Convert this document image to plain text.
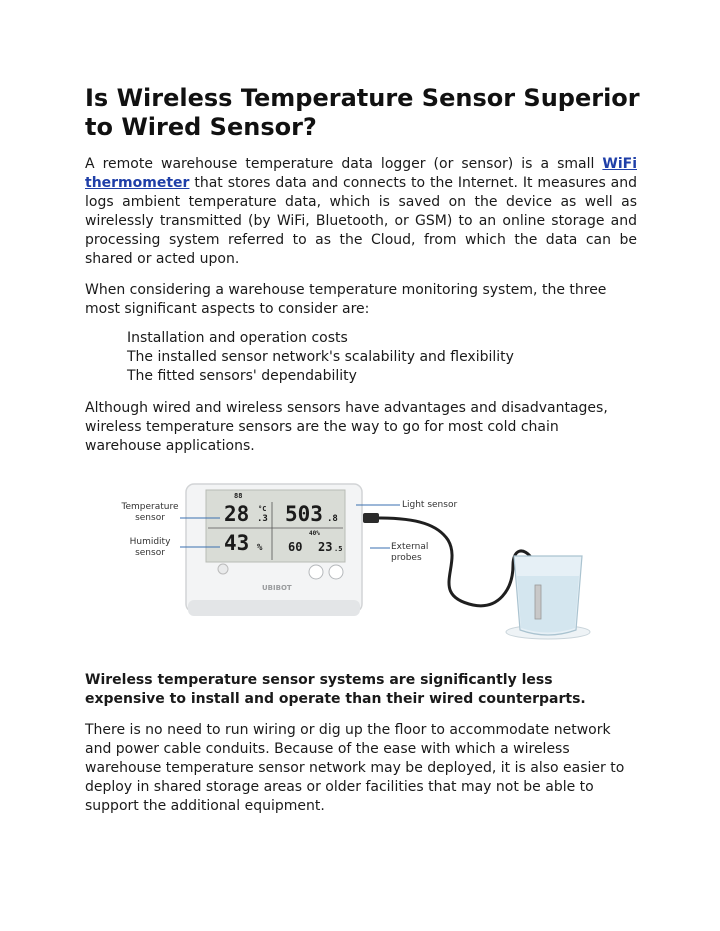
Is Wireless Temperature Sensor Superior to Wired Sensor?

A remote warehouse temperature data logger (or sensor) is a small WiFi thermometer that stores data and connects to the Internet. It measures and logs ambient temperature data, which is saved on the device as well as wirelessly transmitted (by WiFi, Bluetooth, or GSM) to an online storage and processing system referred to as the Cloud, from which the data can be shared or acted upon.

When considering a warehouse temperature monitoring system, the three most significant aspects to consider are:

Installation and operation costs
The installed sensor network's scalability and flexibility
The fitted sensors' dependability

Although wired and wireless sensors have advantages and disadvantages, wireless temperature sensors are the way to go for most cold chain warehouse applications.

Temperature sensor
Humidity sensor
Light sensor
External probes
88
28 .3
°C
43 %
503 .8
40%
60 23 .5
UBIBOT

Wireless temperature sensor systems are significantly less expensive to install and operate than their wired counterparts.

There is no need to run wiring or dig up the floor to accommodate network and power cable conduits. Because of the ease with which a wireless warehouse temperature sensor network may be deployed, it is also easier to deploy in shared storage areas or older facilities that may not be able to support the additional equipment.
